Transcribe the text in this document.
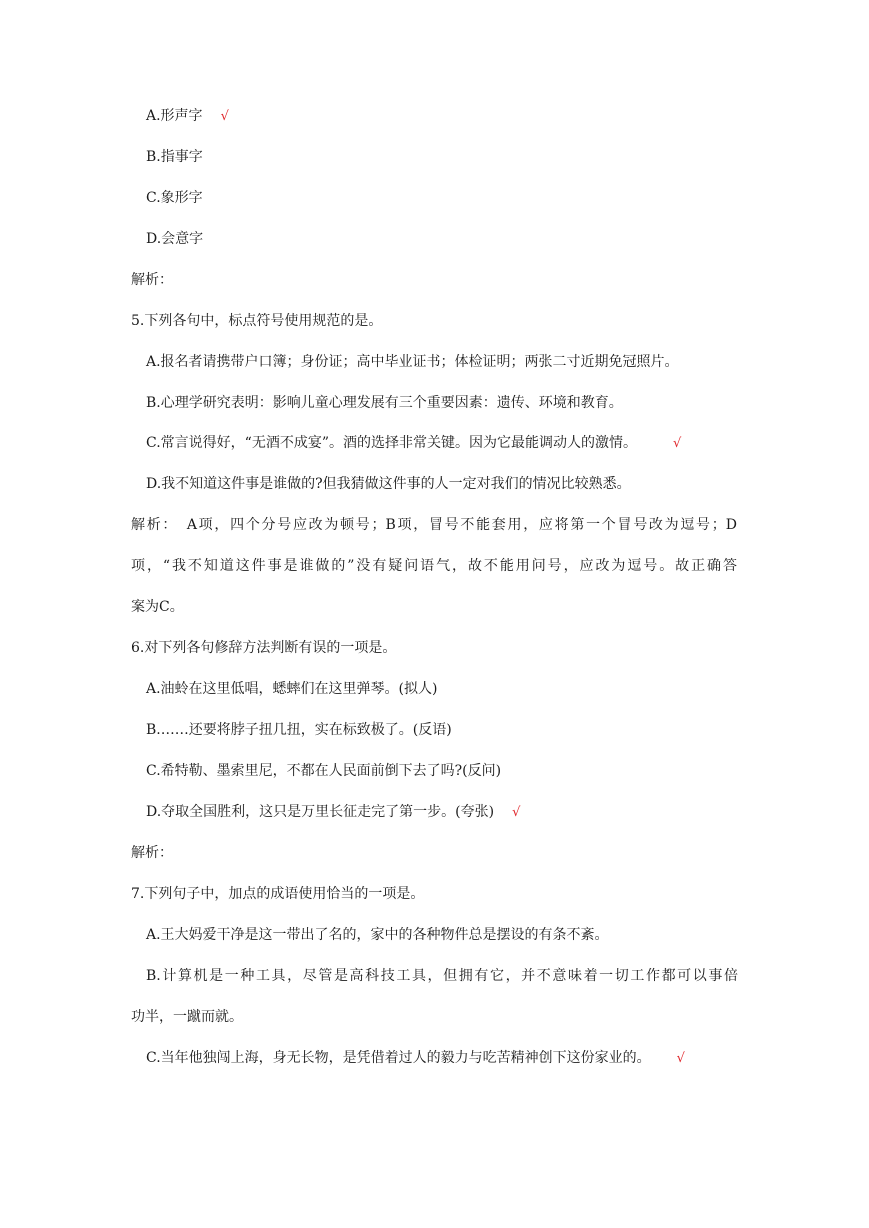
A.形声字 √
B.指事字
C.象形字
D.会意字
解析：
5.下列各句中，标点符号使用规范的是。
A.报名者请携带户口簿；身份证；高中毕业证书；体检证明；两张二寸近期免冠照片。
B.心理学研究表明：影响儿童心理发展有三个重要因素：遗传、环境和教育。
C.常言说得好，“无酒不成宴”。酒的选择非常关键。因为它最能调动人的激情。	√
D.我不知道这件事是谁做的?但我猜做这件事的人一定对我们的情况比较熟悉。
解析：　A项，四个分号应改为顿号；B项，冒号不能套用，应将第一个冒号改为逗号；D
项，“我不知道这件事是谁做的”没有疑问语气，故不能用问号，应改为逗号。故正确答
案为C。
6.对下列各句修辞方法判断有误的一项是。
A.油蛉在这里低唱，蟋蟀们在这里弹琴。(拟人)
B.……还要将脖子扭几扭，实在标致极了。(反语)
C.希特勒、墨索里尼，不都在人民面前倒下去了吗?(反问)
D.夺取全国胜利，这只是万里长征走完了第一步。(夸张) √
解析：
7.下列句子中，加点的成语使用恰当的一项是。
A.王大妈爱干净是这一带出了名的，家中的各种物件总是摆设的有条不紊。
B.计算机是一种工具，尽管是高科技工具，但拥有它，并不意味着一切工作都可以事倍
功半，一蹴而就。
C.当年他独闯上海，身无长物，是凭借着过人的毅力与吃苦精神创下这份家业的。 √
